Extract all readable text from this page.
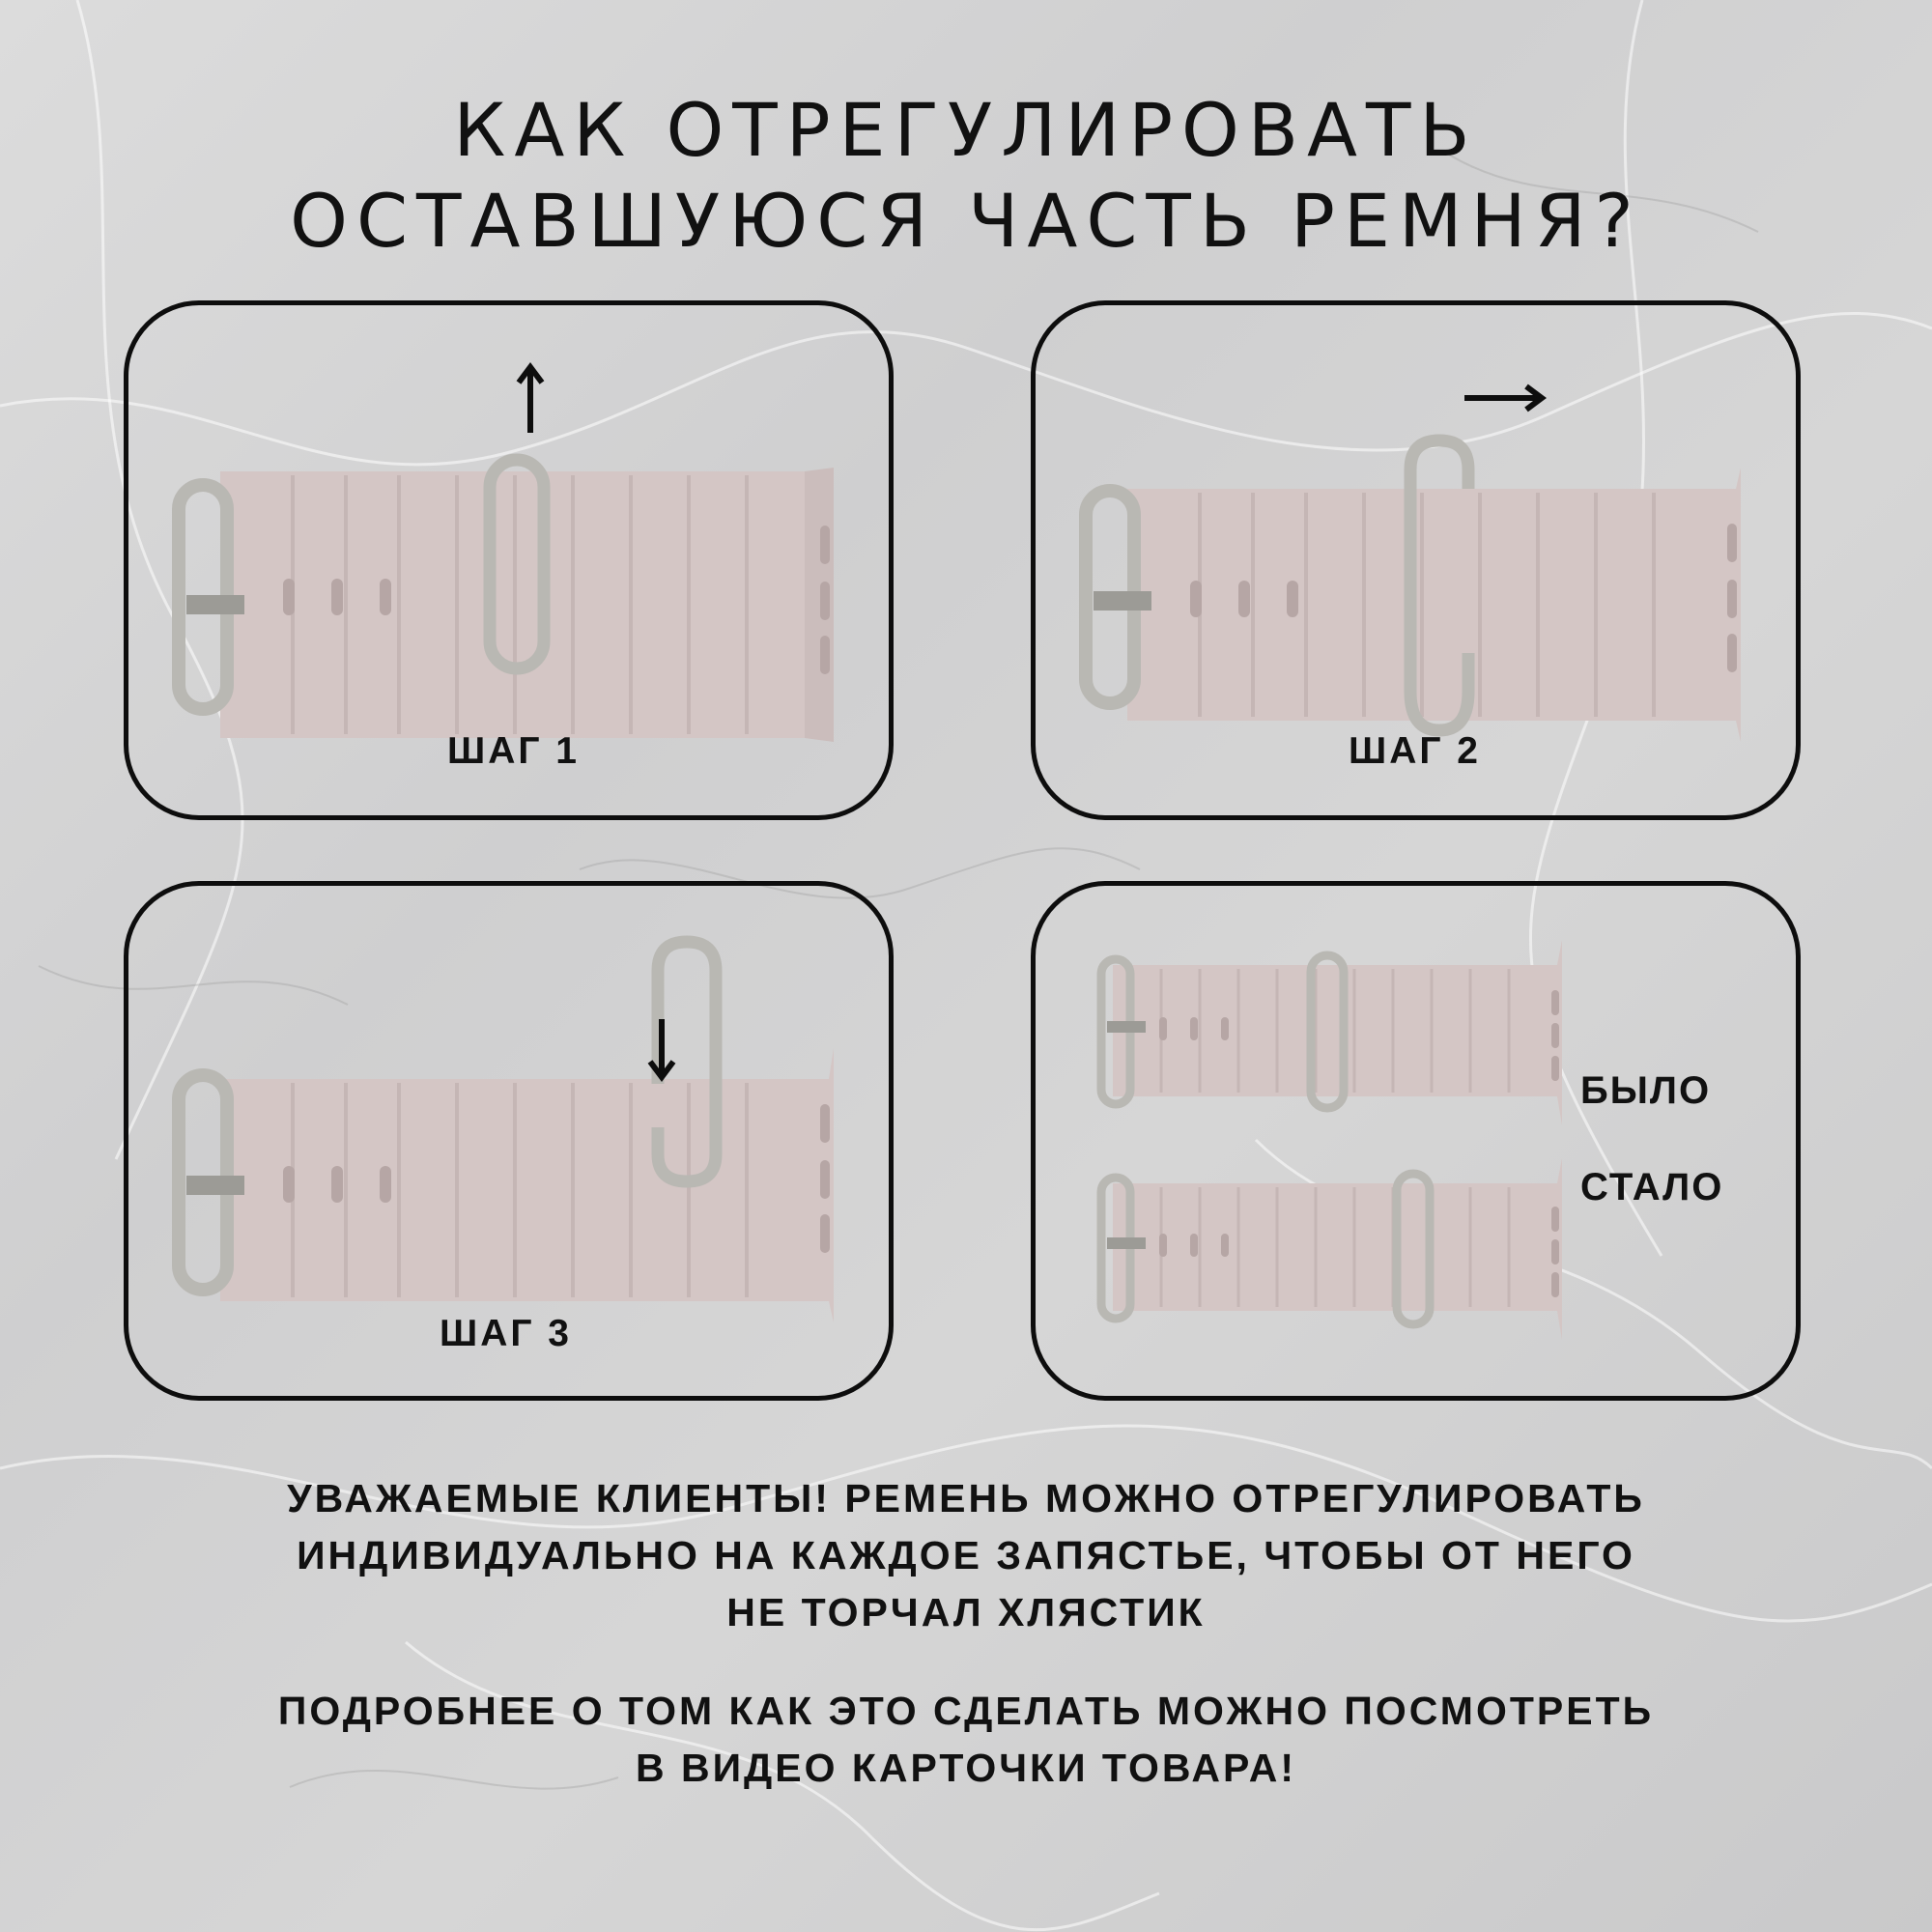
КАК ОТРЕГУЛИРОВАТЬ
ОСТАВШУЮСЯ ЧАСТЬ РЕМНЯ?
ШАГ 1	ШАГ 2
ШАГ 3
БЫЛО
СТАЛО
УВАЖАЕМЫЕ КЛИЕНТЫ! РЕМЕНЬ МОЖНО ОТРЕГУЛИРОВАТЬ
ИНДИВИДУАЛЬНО НА КАЖДОЕ ЗАПЯСТЬЕ, ЧТОБЫ ОТ НЕГО
НЕ ТОРЧАЛ ХЛЯСТИК
ПОДРОБНЕЕ О ТОМ КАК ЭТО СДЕЛАТЬ МОЖНО ПОСМОТРЕТЬ
В ВИДЕО КАРТОЧКИ ТОВАРА!
